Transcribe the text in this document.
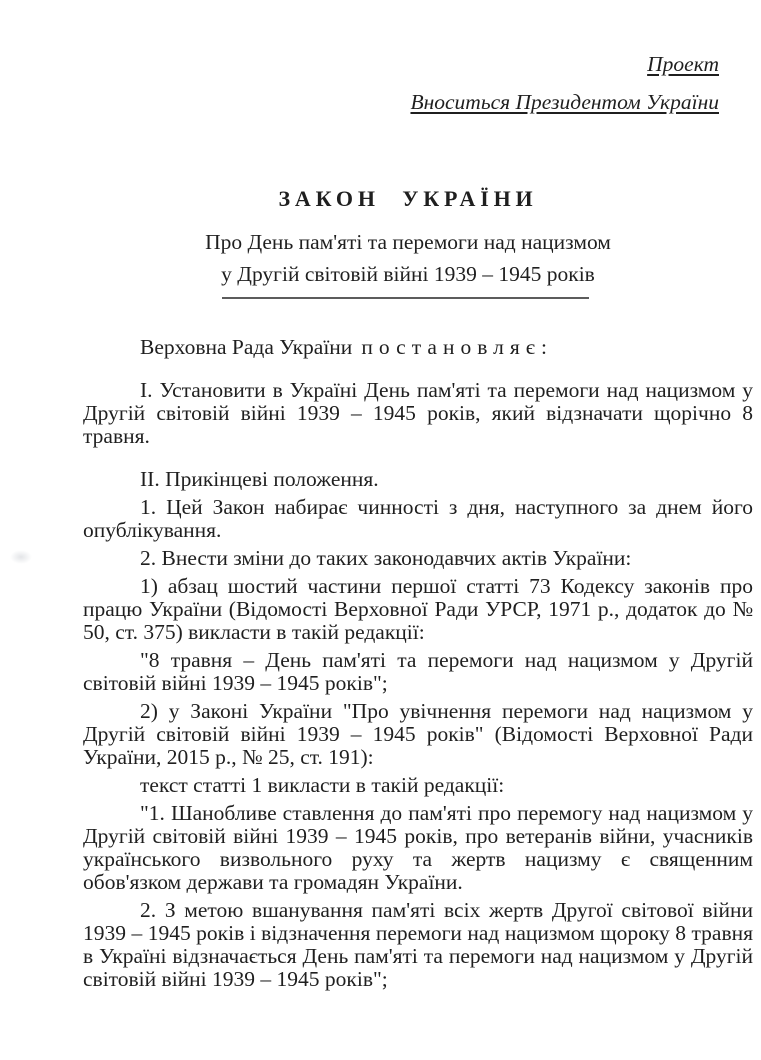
Проект
Вноситься Президентом України
ЗАКОН УКРАЇНИ
Про День пам'яті та перемоги над нацизмом
у Другій світовій війні 1939 – 1945 років

Верховна Рада України постановляє:

I. Установити в Україні День пам'яті та перемоги над нацизмом у Другій світовій війні 1939 – 1945 років, який відзначати щорічно 8 травня.

II. Прикінцеві положення.

1. Цей Закон набирає чинності з дня, наступного за днем його опублікування.

2. Внести зміни до таких законодавчих актів України:

1) абзац шостий частини першої статті 73 Кодексу законів про працю України (Відомості Верховної Ради УРСР, 1971 р., додаток до № 50, ст. 375) викласти в такій редакції:

"8 травня – День пам'яті та перемоги над нацизмом у Другій світовій війні 1939 – 1945 років";

2) у Законі України "Про увічнення перемоги над нацизмом у Другій світовій війні 1939 – 1945 років" (Відомості Верховної Ради України, 2015 р., № 25, ст. 191):

текст статті 1 викласти в такій редакції:

"1. Шанобливе ставлення до пам'яті про перемогу над нацизмом у Другій світовій війні 1939 – 1945 років, про ветеранів війни, учасників українського визвольного руху та жертв нацизму є священним обов'язком держави та громадян України.

2. З метою вшанування пам'яті всіх жертв Другої світової війни 1939 – 1945 років і відзначення перемоги над нацизмом щороку 8 травня в Україні відзначається День пам'яті та перемоги над нацизмом у Другій світовій війні 1939 – 1945 років";
